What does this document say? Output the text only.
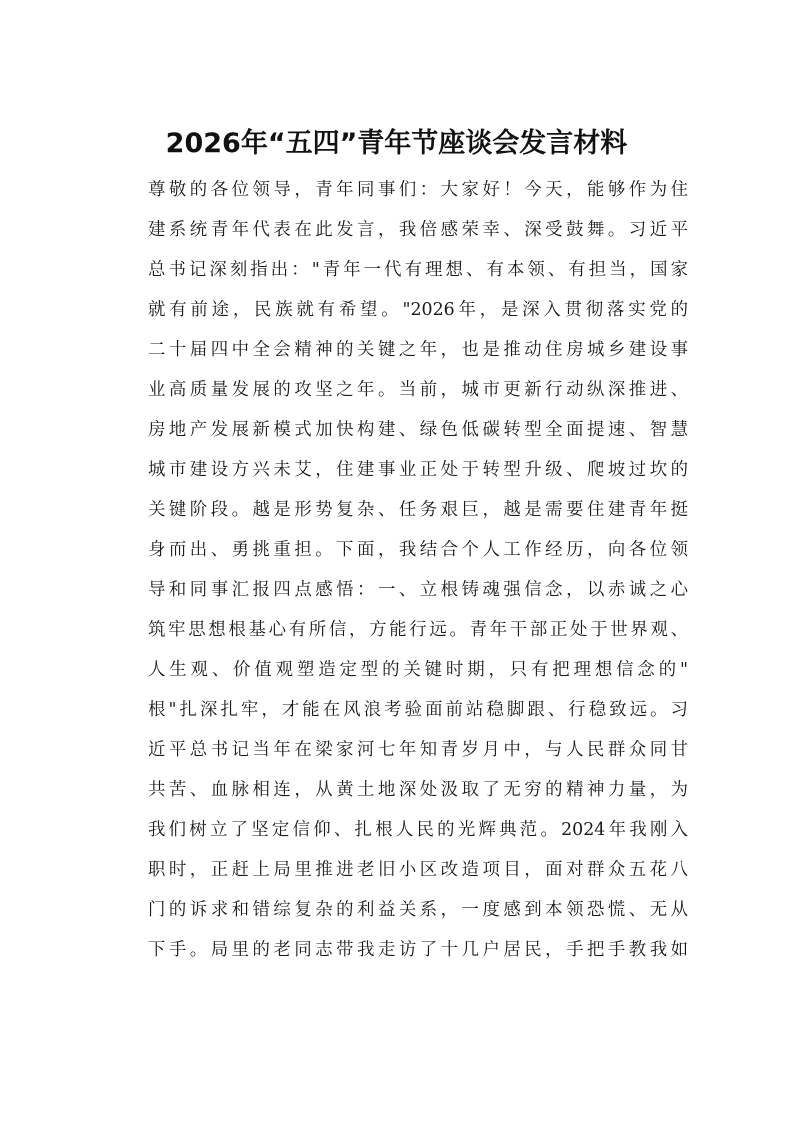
2026年“五四”青年节座谈会发言材料
尊敬的各位领导，青年同事们：大家好！今天，能够作为住
建系统青年代表在此发言，我倍感荣幸、深受鼓舞。习近平
总书记深刻指出："青年一代有理想、有本领、有担当，国家
就有前途，民族就有希望。"2026年，是深入贯彻落实党的
二十届四中全会精神的关键之年，也是推动住房城乡建设事
业高质量发展的攻坚之年。当前，城市更新行动纵深推进、
房地产发展新模式加快构建、绿色低碳转型全面提速、智慧
城市建设方兴未艾，住建事业正处于转型升级、爬坡过坎的
关键阶段。越是形势复杂、任务艰巨，越是需要住建青年挺
身而出、勇挑重担。下面，我结合个人工作经历，向各位领
导和同事汇报四点感悟：一、立根铸魂强信念，以赤诚之心
筑牢思想根基心有所信，方能行远。青年干部正处于世界观、
人生观、价值观塑造定型的关键时期，只有把理想信念的"
根"扎深扎牢，才能在风浪考验面前站稳脚跟、行稳致远。习
近平总书记当年在梁家河七年知青岁月中，与人民群众同甘
共苦、血脉相连，从黄土地深处汲取了无穷的精神力量，为
我们树立了坚定信仰、扎根人民的光辉典范。2024年我刚入
职时，正赶上局里推进老旧小区改造项目，面对群众五花八
门的诉求和错综复杂的利益关系，一度感到本领恐慌、无从
下手。局里的老同志带我走访了十几户居民，手把手教我如
